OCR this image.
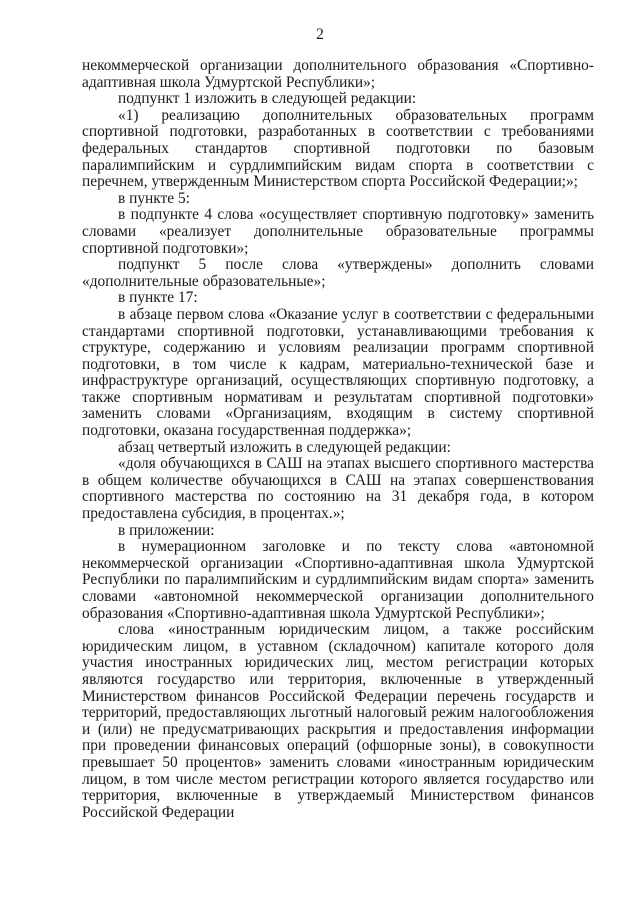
2

некоммерческой организации дополнительного образования «Спортивно-адаптивная школа Удмуртской Республики»;

подпункт 1 изложить в следующей редакции:

«1) реализацию дополнительных образовательных программ спортивной подготовки, разработанных в соответствии с требованиями федеральных стандартов спортивной подготовки по базовым паралимпийским и сурдлимпийским видам спорта в соответствии с перечнем, утвержденным Министерством спорта Российской Федерации;»;

в пункте 5:

в подпункте 4 слова «осуществляет спортивную подготовку» заменить словами «реализует дополнительные образовательные программы спортивной подготовки»;

подпункт 5 после слова «утверждены» дополнить словами «дополнительные образовательные»;

в пункте 17:

в абзаце первом слова «Оказание услуг в соответствии с федеральными стандартами спортивной подготовки, устанавливающими требования к структуре, содержанию и условиям реализации программ спортивной подготовки, в том числе к кадрам, материально-технической базе и инфраструктуре организаций, осуществляющих спортивную подготовку, а также спортивным нормативам и результатам спортивной подготовки» заменить словами «Организациям, входящим в систему спортивной подготовки, оказана государственная поддержка»;

абзац четвертый изложить в следующей редакции:

«доля обучающихся в САШ на этапах высшего спортивного мастерства в общем количестве обучающихся в САШ на этапах совершенствования спортивного мастерства по состоянию на 31 декабря года, в котором предоставлена субсидия, в процентах.»;

в приложении:

в нумерационном заголовке и по тексту слова «автономной некоммерческой организации «Спортивно-адаптивная школа Удмуртской Республики по паралимпийским и сурдлимпийским видам спорта» заменить словами «автономной некоммерческой организации дополнительного образования «Спортивно-адаптивная школа Удмуртской Республики»;

слова «иностранным юридическим лицом, а также российским юридическим лицом, в уставном (складочном) капитале которого доля участия иностранных юридических лиц, местом регистрации которых являются государство или территория, включенные в утвержденный Министерством финансов Российской Федерации перечень государств и территорий, предоставляющих льготный налоговый режим налогообложения и (или) не предусматривающих раскрытия и предоставления информации при проведении финансовых операций (офшорные зоны), в совокупности превышает 50 процентов» заменить словами «иностранным юридическим лицом, в том числе местом регистрации которого является государство или территория, включенные в утверждаемый Министерством финансов Российской Федерации
